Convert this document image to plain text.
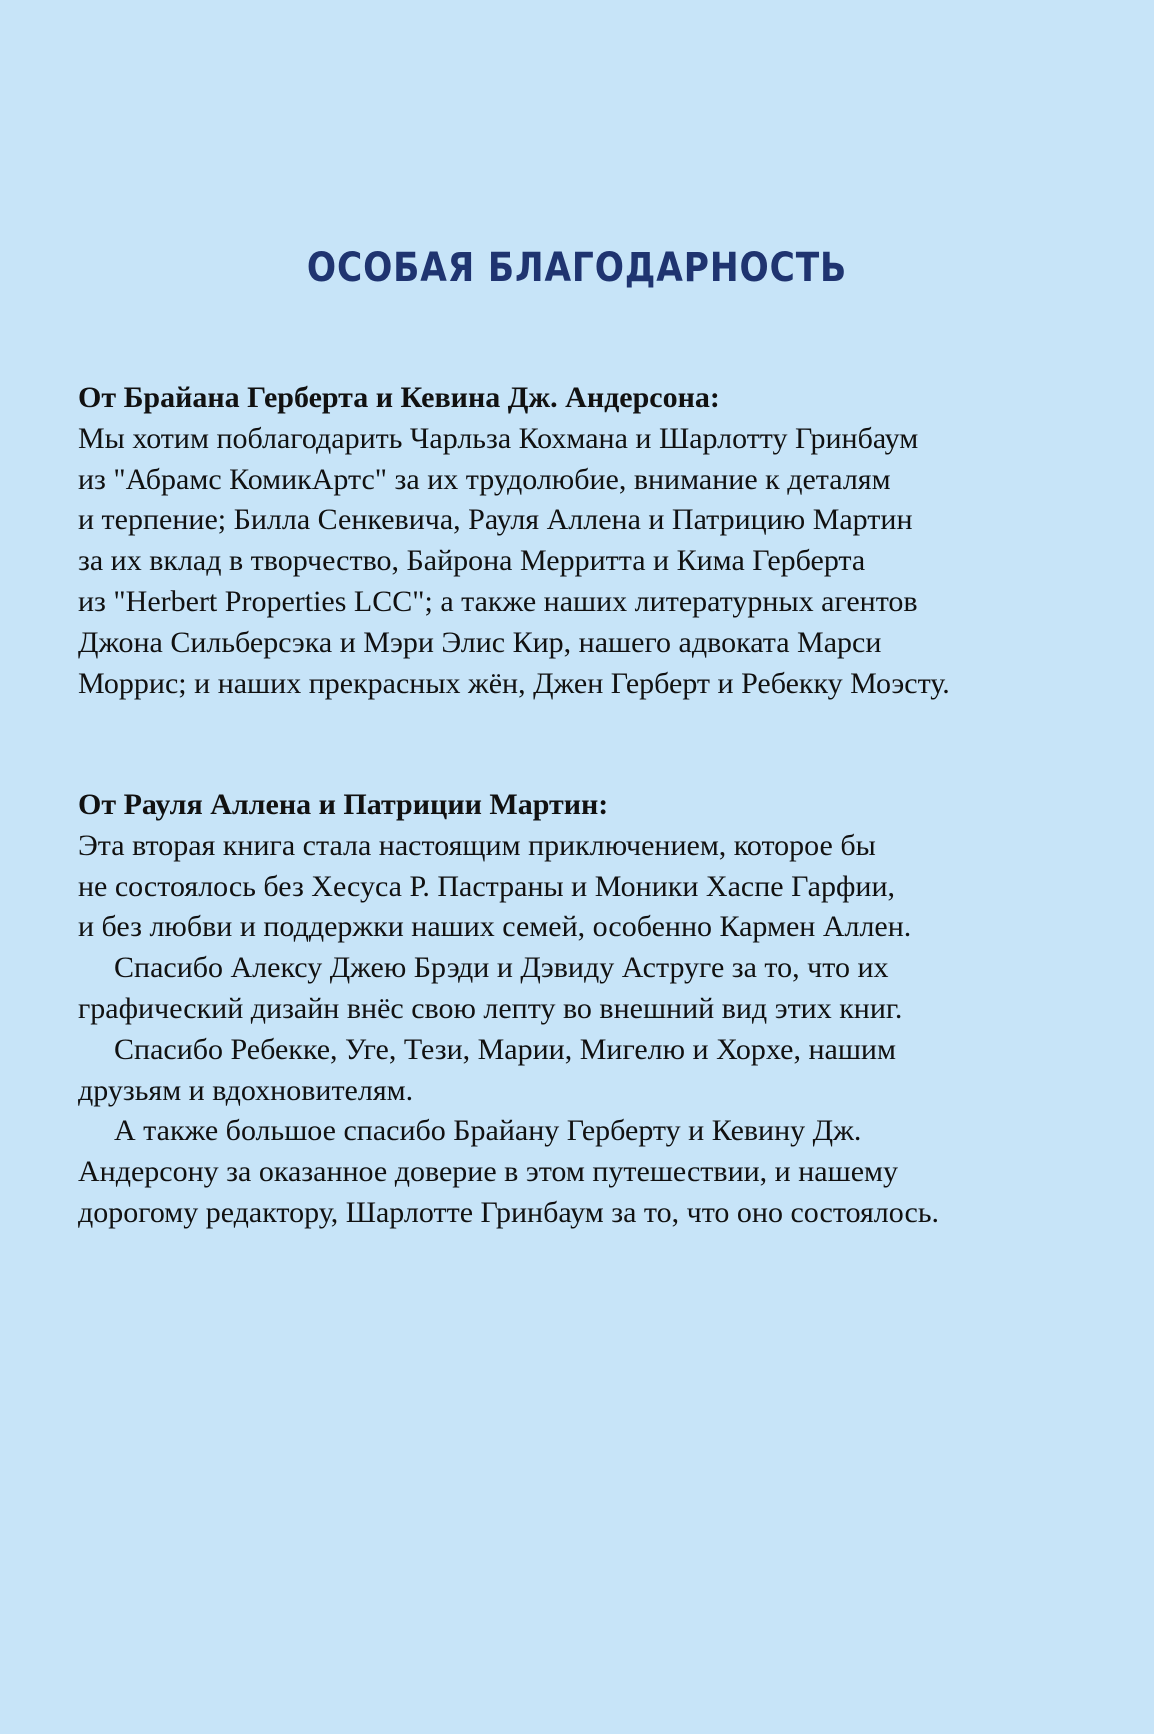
ОСОБАЯ БЛАГОДАРНОСТЬ
От Брайана Герберта и Кевина Дж. Андерсона:
Мы хотим поблагодарить Чарльза Кохмана и Шарлотту Гринбаум
из "Абрамс КомикАртс" за их трудолюбие, внимание к деталям
и терпение; Билла Сенкевича, Рауля Аллена и Патрицию Мартин
за их вклад в творчество, Байрона Мерритта и Кима Герберта
из "Herbert Properties LCC"; а также наших литературных агентов
Джона Сильберсэка и Мэри Элис Кир, нашего адвоката Марси
Моррис; и наших прекрасных жён, Джен Герберт и Ребекку Моэсту.
От Рауля Аллена и Патриции Мартин:
Эта вторая книга стала настоящим приключением, которое бы
не состоялось без Хесуса Р. Пастраны и Моники Хаспе Гарфии,
и без любви и поддержки наших семей, особенно Кармен Аллен.
Спасибо Алексу Джею Брэди и Дэвиду Аструге за то, что их
графический дизайн внёс свою лепту во внешний вид этих книг.
Спасибо Ребекке, Уге, Тези, Марии, Мигелю и Хорхе, нашим
друзьям и вдохновителям.
А также большое спасибо Брайану Герберту и Кевину Дж.
Андерсону за оказанное доверие в этом путешествии, и нашему
дорогому редактору, Шарлотте Гринбаум за то, что оно состоялось.
